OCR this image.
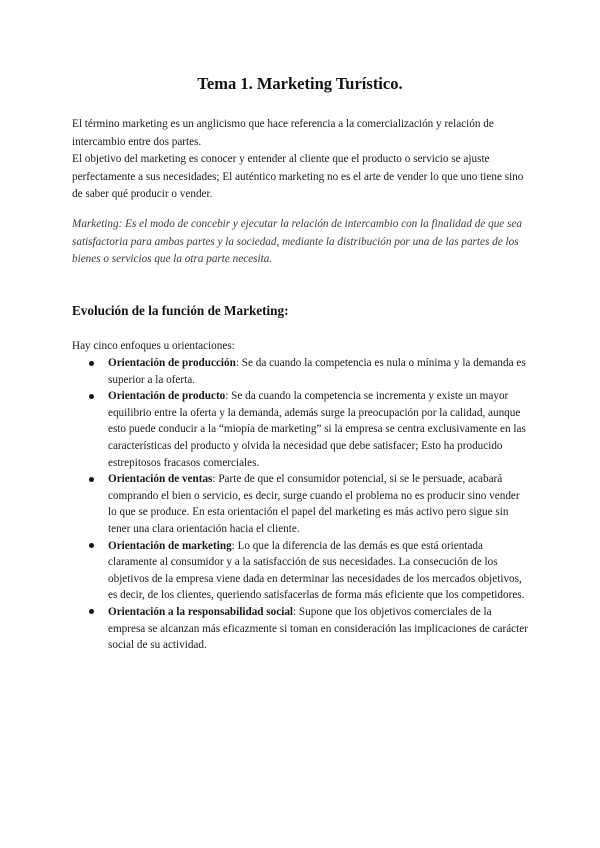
Tema 1. Marketing Turístico.

El término marketing es un anglicismo que hace referencia a la comercialización y relación de intercambio entre dos partes.

El objetivo del marketing es conocer y entender al cliente que el producto o servicio se ajuste perfectamente a sus necesidades; El auténtico marketing no es el arte de vender lo que uno tiene sino de saber qué producir o vender.

Marketing: Es el modo de concebir y ejecutar la relación de intercambio con la finalidad de que sea satisfactoria para ambas partes y la sociedad, mediante la distribución por una de las partes de los bienes o servicios que la otra parte necesita.

Evolución de la función de Marketing:

Hay cinco enfoques u orientaciones:

Orientación de producción: Se da cuando la competencia es nula o mínima y la demanda es superior a la oferta.
Orientación de producto: Se da cuando la competencia se incrementa y existe un mayor equilibrio entre la oferta y la demanda, además surge la preocupación por la calidad, aunque esto puede conducir a la “miopía de marketing” si la empresa se centra exclusivamente en las características del producto y olvida la necesidad que debe satisfacer; Esto ha producido estrepitosos fracasos comerciales.
Orientación de ventas: Parte de que el consumidor potencial, si se le persuade, acabará comprando el bien o servicio, es decir, surge cuando el problema no es producir sino vender lo que se produce. En esta orientación el papel del marketing es más activo pero sigue sin tener una clara orientación hacia el cliente.
Orientación de marketing: Lo que la diferencia de las demás es que está orientada claramente al consumidor y a la satisfacción de sus necesidades. La consecución de los objetivos de la empresa viene dada en determinar las necesidades de los mercados objetivos, es decir, de los clientes, queriendo satisfacerlas de forma más eficiente que los competidores.
Orientación a la responsabilidad social: Supone que los objetivos comerciales de la empresa se alcanzan más eficazmente si toman en consideración las implicaciones de carácter social de su actividad.
